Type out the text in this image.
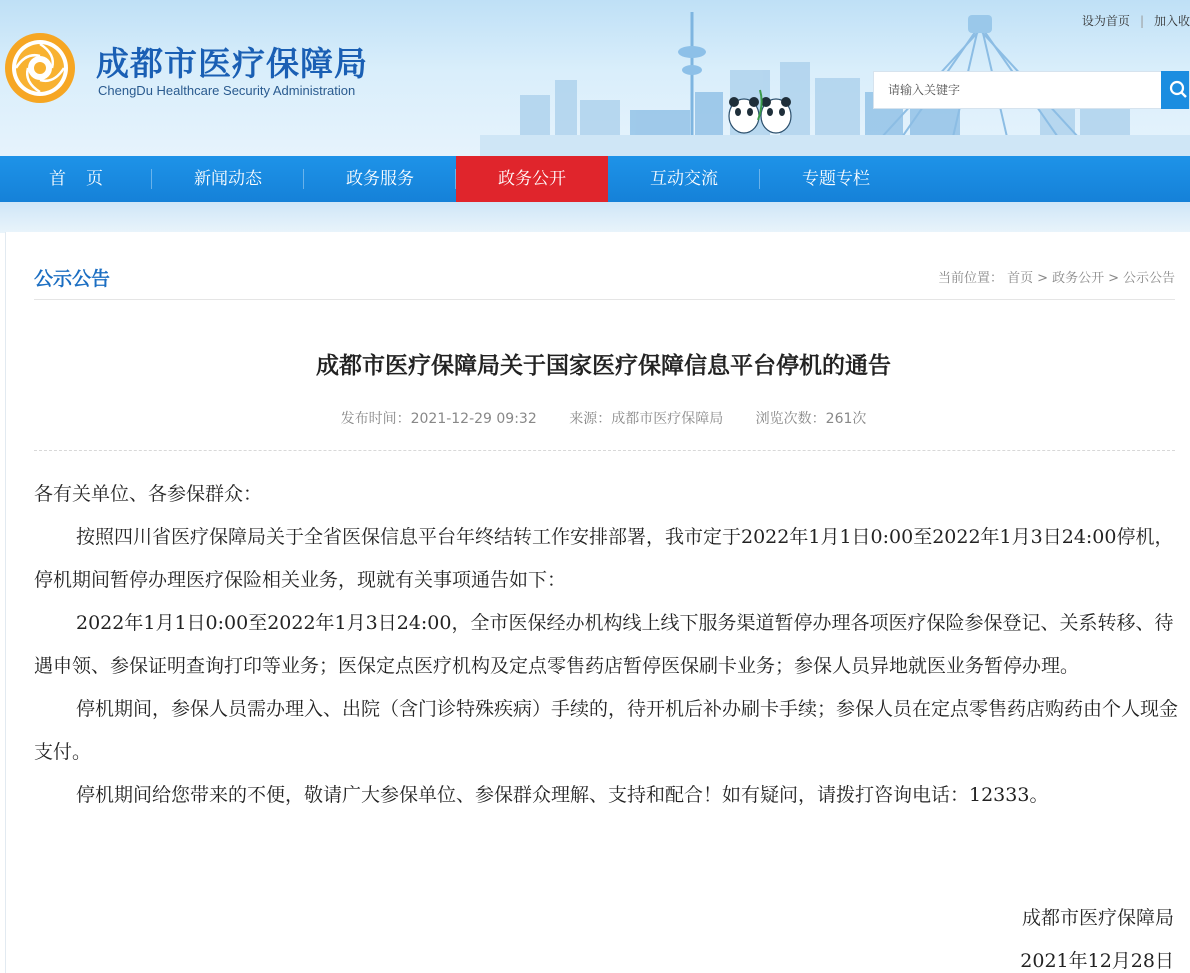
成都市医疗保障局
ChengDu Healthcare Security Administration
设为首页 | 加入收
请输入关键字
首页	新闻动态	政务服务	政务公开	互动交流	专题专栏
公示公告	当前位置： 首页 > 政务公开 > 公示公告
成都市医疗保障局关于国家医疗保障信息平台停机的通告
发布时间：2021-12-29 09:32 来源：成都市医疗保障局 浏览次数：261次

各有关单位、各参保群众：

按照四川省医疗保障局关于全省医保信息平台年终结转工作安排部署，我市定于2022年1月1日0:00至2022年1月3日24:00停机，停机期间暂停办理医疗保险相关业务，现就有关事项通告如下：

2022年1月1日0:00至2022年1月3日24:00，全市医保经办机构线上线下服务渠道暂停办理各项医疗保险参保登记、关系转移、待遇申领、参保证明查询打印等业务；医保定点医疗机构及定点零售药店暂停医保刷卡业务；参保人员异地就医业务暂停办理。

停机期间，参保人员需办理入、出院（含门诊特殊疾病）手续的，待开机后补办刷卡手续；参保人员在定点零售药店购药由个人现金支付。

停机期间给您带来的不便，敬请广大参保单位、参保群众理解、支持和配合！如有疑问，请拨打咨询电话：12333。

成都市医疗保障局
2021年12月28日
